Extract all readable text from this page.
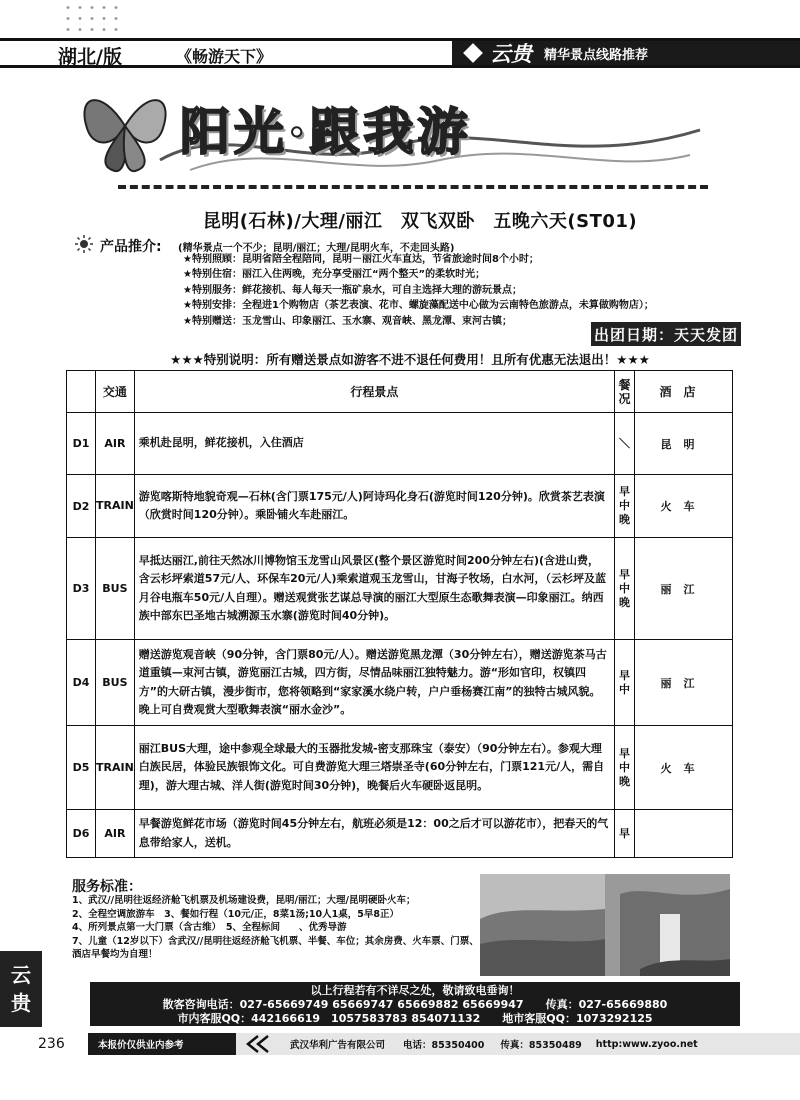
湖北/版	《畅游天下》	云贵 精华景点线路推荐
阳光·跟我游
昆明(石林)/大理/丽江　双飞双卧　五晚六天(ST01)
产品推介: (精华景点一个不少；昆明/丽江；大理/昆明火车，不走回头路)
★特别照顾：昆明省陪全程陪同，昆明－丽江火车直达，节省旅途时间8个小时；
★特别住宿：丽江入住两晚，充分享受丽江“两个整天”的柔软时光；
★特别服务：鲜花接机、每人每天一瓶矿泉水，可自主选择大理的游玩景点；
★特别安排：全程进1个购物店（茶艺表演、花市、螺旋藻配送中心做为云南特色旅游点，未算做购物店）；
★特别赠送：玉龙雪山、印象丽江、玉水寨、观音峡、黑龙潭、束河古镇；
出团日期：天天发团
★★★特别说明：所有赠送景点如游客不进不退任何费用！且所有优惠无法退出！★★★
	交通	行程景点	餐况	酒店
D1	AIR	乘机赴昆明，鲜花接机，入住酒店	＼	昆明
D2	TRAIN	游览喀斯特地貌奇观—石林(含门票175元/人)阿诗玛化身石(游览时间120分钟)。欣赏茶艺表演（欣赏时间120分钟）。乘卧铺火车赴丽江。	早中晚	火车
D3	BUS	早抵达丽江,前往天然冰川博物馆玉龙雪山风景区(整个景区游览时间200分钟左右)(含进山费，含云杉坪索道57元/人、环保车20元/人)乘索道观玉龙雪山，甘海子牧场，白水河，（云杉坪及蓝月谷电瓶车50元/人自理）。赠送观赏张艺谋总导演的丽江大型原生态歌舞表演—印象丽江。纳西族中部东巴圣地古城溯源玉水寨(游览时间40分钟)。	早中晚	丽江
D4	BUS	赠送游览观音峡（90分钟，含门票80元/人）。赠送游览黑龙潭（30分钟左右），赠送游览茶马古道重镇—束河古镇，游览丽江古城，四方街，尽情品味丽江独特魅力。游“形如官印，权镇四方”的大研古镇，漫步街市，您将领略到“家家溪水绕户转，户户垂杨赛江南”的独特古城风貌。晚上可自费观赏大型歌舞表演“丽水金沙”。	早中	丽江
D5	TRAIN	丽江BUS大理，途中参观全球最大的玉器批发城-密支那珠宝（泰安）（90分钟左右）。参观大理白族民居，体验民族银饰文化。可自费游览大理三塔崇圣寺(60分钟左右，门票121元/人，需自理)，游大理古城、洋人街(游览时间30分钟)，晚餐后火车硬卧返昆明。	早中晚	火车
D6	AIR	早餐游览鲜花市场（游览时间45分钟左右，航班必须是12：00之后才可以游花市），把春天的气息带给家人，送机。	早	
服务标准：
1、武汉//昆明往返经济舱飞机票及机场建设费，昆明/丽江；大理/昆明硬卧火车；
2、全程空调旅游车　3、餐如行程（10元/正，8菜1汤;10人1桌，5早8正）
4、所列景点第一大门票（含古维）　5、全程标间　　、优秀导游
7、儿童（12岁以下）含武汉//昆明往返经济舱飞机票、半餐、车位；其余房费、火车票、门票、酒店早餐均为自理！
云
贵
以上行程若有不详尽之处，敬请致电垂询！
散客咨询电话：027-65669749 65669747 65669882 65669947　　传真：027-65669880
市内客服QQ：442166619　1057583783 854071132　　地市客服QQ：1073292125
236	本报价仅供业内参考	武汉华利广告有限公司 电话：85350400 传真：85350489 http:www.zyoo.net
